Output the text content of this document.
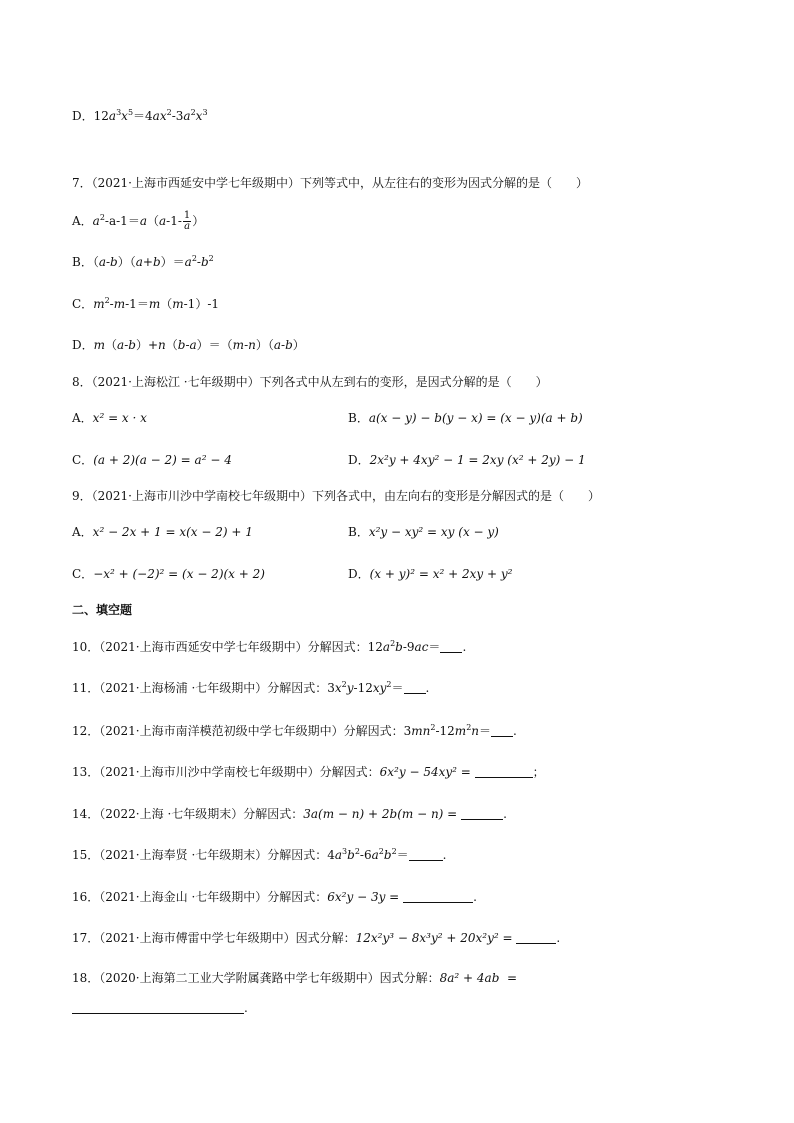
D．$12a^3x^5=4ax^2-3a^2x^3$
7．（2021·上海市西延安中学七年级期中）下列等式中，从左往右的变形为因式分解的是（　　）
A．$a^2-a-1=a(a-1- \frac{1}{a}$ ）
B．$(a-b)(a+b)=a^2-b^2$
C．$m^2-m-1=m(m-1)-1$
D．m（a-b）+n（b-a）＝（m-n）（a-b）
8．（2021·上海松江 ·七年级期中）下列各式中从左到右的变形，是因式分解的是（　　）
A．x² = x · x	B．a(x − y) − b(y − x) = (x − y)(a + b)
C．(a + 2)(a − 2) = a² − 4	D．2x²y + 4xy² − 1 = 2xy (x² + 2y) − 1
9．（2021·上海市川沙中学南校七年级期中）下列各式中，由左向右的变形是分解因式的是（　　）
A．x² − 2x + 1 = x(x − 2) + 1	B．x²y − xy² = xy (x − y)
C．−x² + (−2)² = (x − 2)(x + 2)	D．(x + y)² = x² + 2xy + y²
二、填空题
10．（2021·上海市西延安中学七年级期中）分解因式：$12a^2b-9ac=$ .
11．（2021·上海杨浦 ·七年级期中）分解因式：$3x^2y-12xy^2=$ .
12．（2021·上海市南洋模范初级中学七年级期中）分解因式：$3mn^2-12m^2n=$ .
13．（2021·上海市川沙中学南校七年级期中）分解因式：6x²y − 54xy² =	；
14．（2022·上海 ·七年级期末）分解因式：3a(m − n) + 2b(m − n) =	.
15．（2021·上海奉贤 ·七年级期末）分解因式：$4a^3b^2-6a^2b^2=$	.
16．（2021·上海金山 ·七年级期中）分解因式：6x²y − 3y =	.
17．（2021·上海市傅雷中学七年级期中）因式分解：12x²y³ − 8x³y² + 20x²y² =	.
18．（2020·上海第二工业大学附属龚路中学七年级期中）因式分解：8a² + 4ab =
.
